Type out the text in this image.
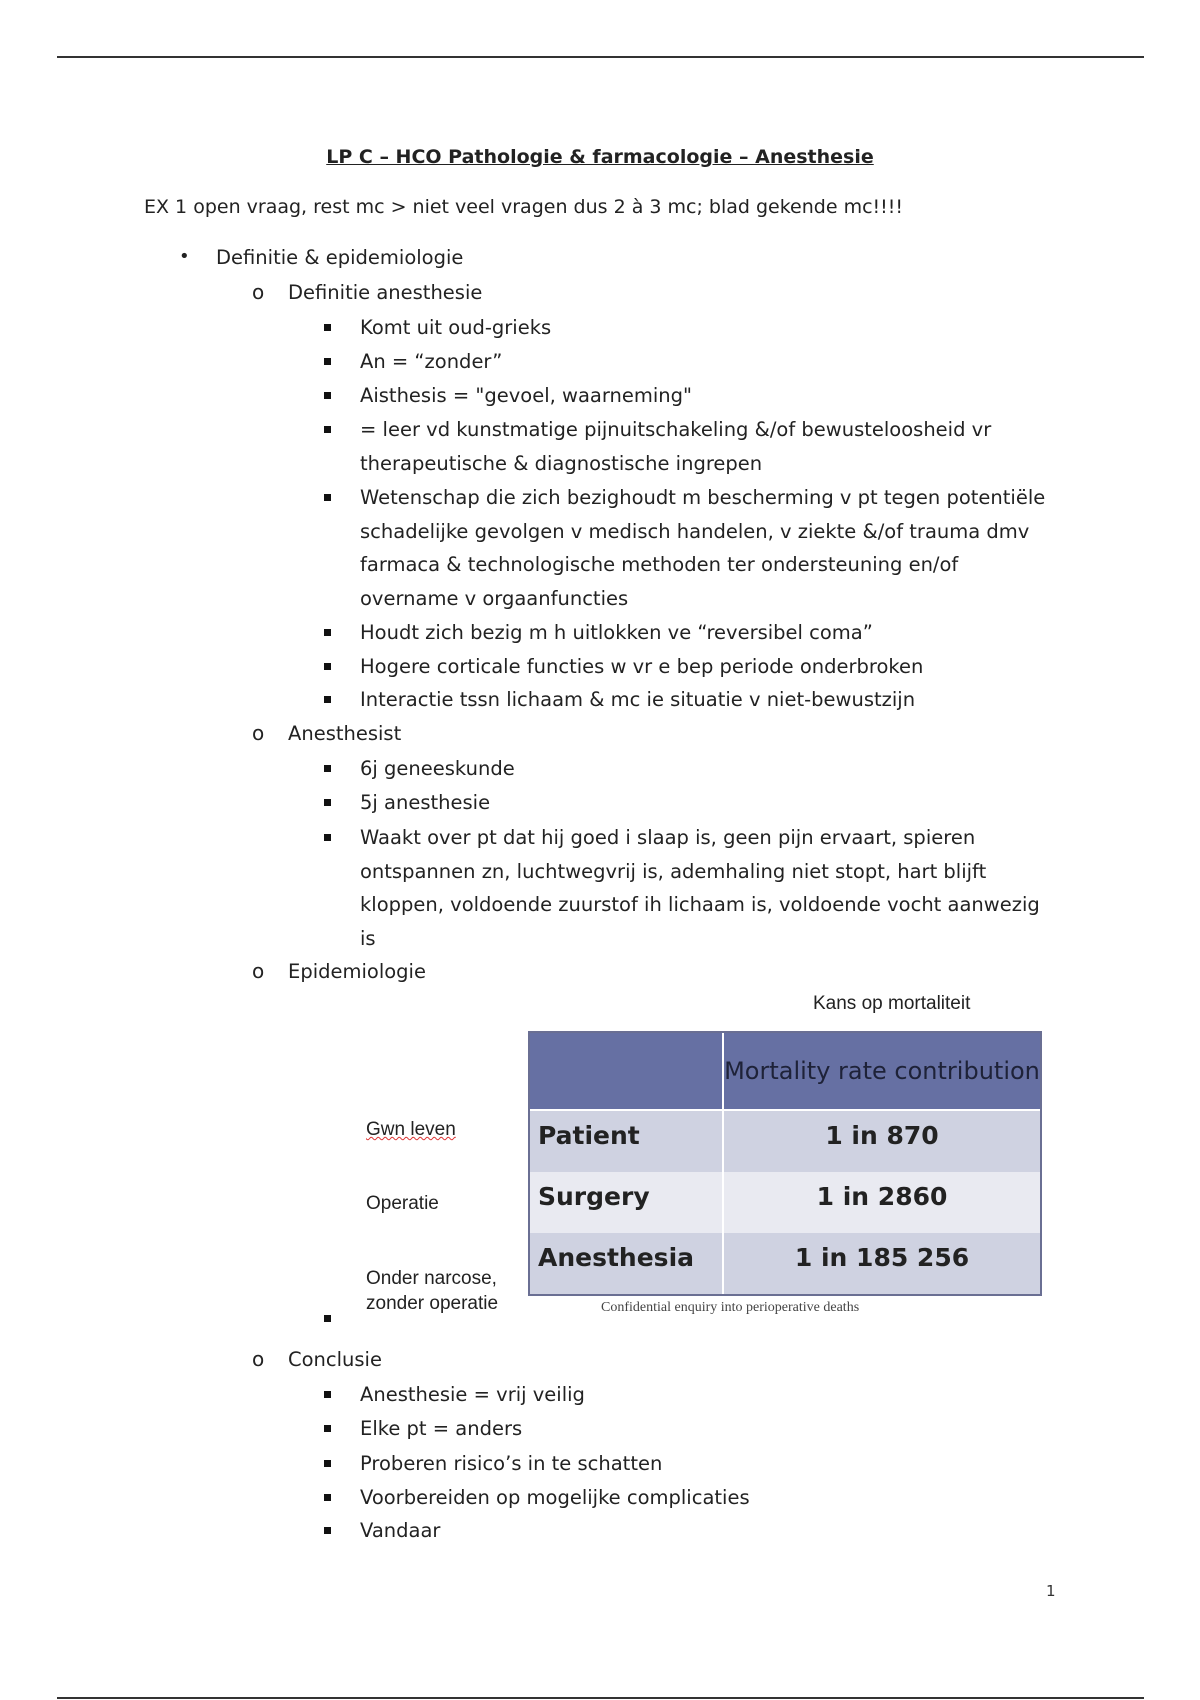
LP C – HCO Pathologie & farmacologie – Anesthesie
EX 1 open vraag, rest mc > niet veel vragen dus 2 à 3 mc; blad gekende mc!!!!
• Definitie & epidemiologie
o Definitie anesthesie
Komt uit oud-grieks
An = “zonder”
Aisthesis = "gevoel, waarneming"
= leer vd kunstmatige pijnuitschakeling &/of bewusteloosheid vr
therapeutische & diagnostische ingrepen
Wetenschap die zich bezighoudt m bescherming v pt tegen potentiële
schadelijke gevolgen v medisch handelen, v ziekte &/of trauma dmv
farmaca & technologische methoden ter ondersteuning en/of
overname v orgaanfuncties
Houdt zich bezig m h uitlokken ve “reversibel coma”
Hogere corticale functies w vr e bep periode onderbroken
Interactie tssn lichaam & mc ie situatie v niet-bewustzijn
o Anesthesist
6j geneeskunde
5j anesthesie
Waakt over pt dat hij goed i slaap is, geen pijn ervaart, spieren
ontspannen zn, luchtwegvrij is, ademhaling niet stopt, hart blijft
kloppen, voldoende zuurstof ih lichaam is, voldoende vocht aanwezig
is
o Epidemiologie
Kans op mortaliteit
Gwn leven
Operatie
Onder narcose,
zonder operatie
Mortality rate contribution
Patient	1 in 870
Surgery	1 in 2860
Anesthesia	1 in 185 256
Confidential enquiry into perioperative deaths
o Conclusie
Anesthesie = vrij veilig
Elke pt = anders
Proberen risico’s in te schatten
Voorbereiden op mogelijke complicaties
Vandaar
1
